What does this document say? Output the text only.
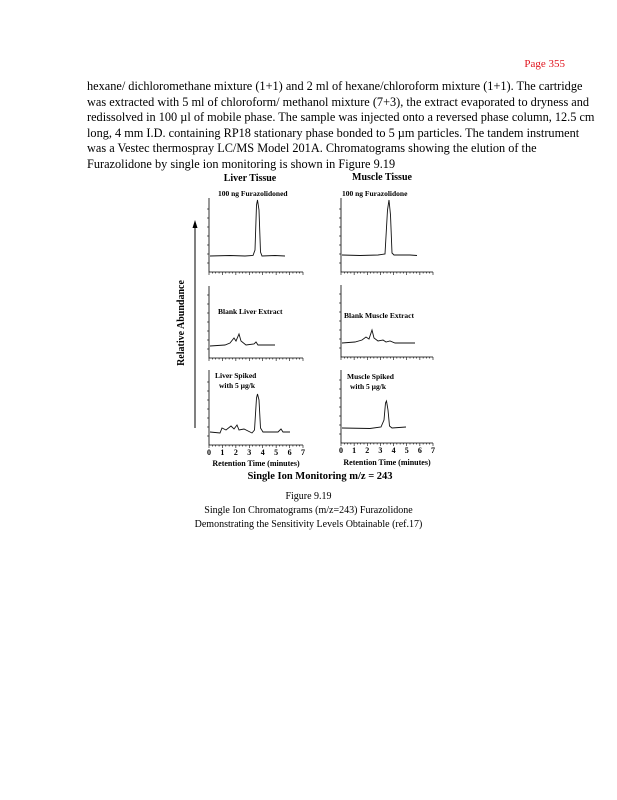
Page 355
hexane/ dichloromethane mixture (1+1) and 2 ml of hexane/chloroform mixture (1+1). The cartridge
was extracted with 5 ml of chloroform/ methanol mixture (7+3), the extract evaporated to dryness and
redissolved in 100 µl of mobile phase. The sample was injected onto a reversed phase column, 12.5 cm
long, 4 mm I.D. containing RP18 stationary phase bonded to 5 µm particles. The tandem instrument
was a Vestec thermospray LC/MS Model 201A. Chromatograms showing the elution of the
Furazolidone by single ion monitoring is shown in Figure 9.19
Liver Tissue	Muscle Tissue
Relative Abundance
100 ng Furazolidoned	100 ng Furazolidone
Blank Liver Extract	Blank Muscle Extract
Liver Spiked
with 5 µg/k
Muscle Spiked
with 5 µg/k
0 1 2 3 4 5 6 7	0 1 2 3 4 5 6 7
Retention Time (minutes)	Retention Time (minutes)
Single Ion Monitoring m/z = 243
Figure 9.19
Single Ion Chromatograms (m/z=243) Furazolidone
Demonstrating the Sensitivity Levels Obtainable (ref.17)
